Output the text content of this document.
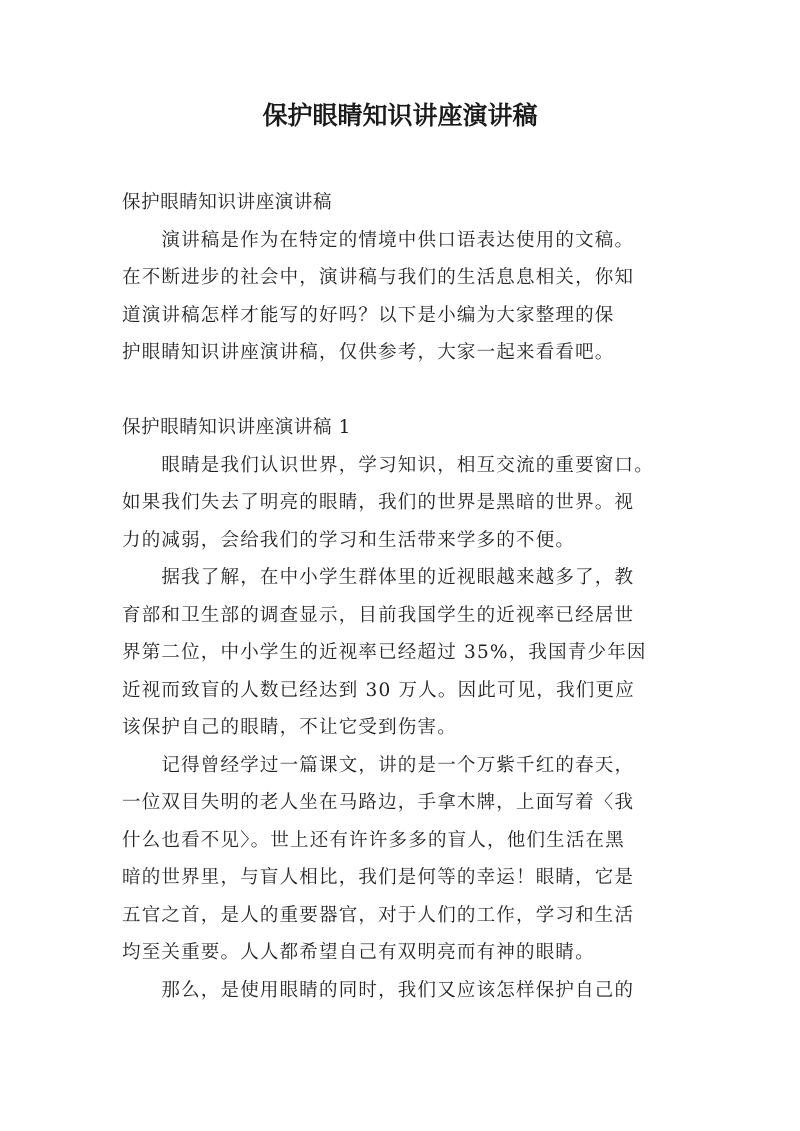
保护眼睛知识讲座演讲稿
保护眼睛知识讲座演讲稿
　　演讲稿是作为在特定的情境中供口语表达使用的文稿。
在不断进步的社会中，演讲稿与我们的生活息息相关，你知
道演讲稿怎样才能写的好吗？以下是小编为大家整理的保
护眼睛知识讲座演讲稿，仅供参考，大家一起来看看吧。
保护眼睛知识讲座演讲稿 1
　　眼睛是我们认识世界，学习知识，相互交流的重要窗口。
如果我们失去了明亮的眼睛，我们的世界是黑暗的世界。视
力的减弱，会给我们的学习和生活带来学多的不便。
　　据我了解，在中小学生群体里的近视眼越来越多了，教
育部和卫生部的调查显示，目前我国学生的近视率已经居世
界第二位，中小学生的近视率已经超过 35%，我国青少年因
近视而致盲的人数已经达到 30 万人。因此可见，我们更应
该保护自己的眼睛，不让它受到伤害。
　　记得曾经学过一篇课文，讲的是一个万紫千红的春天，
一位双目失明的老人坐在马路边，手拿木牌，上面写着〈我
什么也看不见〉。世上还有许许多多的盲人，他们生活在黑
暗的世界里，与盲人相比，我们是何等的幸运！眼睛，它是
五官之首，是人的重要器官，对于人们的工作，学习和生活
均至关重要。人人都希望自己有双明亮而有神的眼睛。
　　那么，是使用眼睛的同时，我们又应该怎样保护自己的
